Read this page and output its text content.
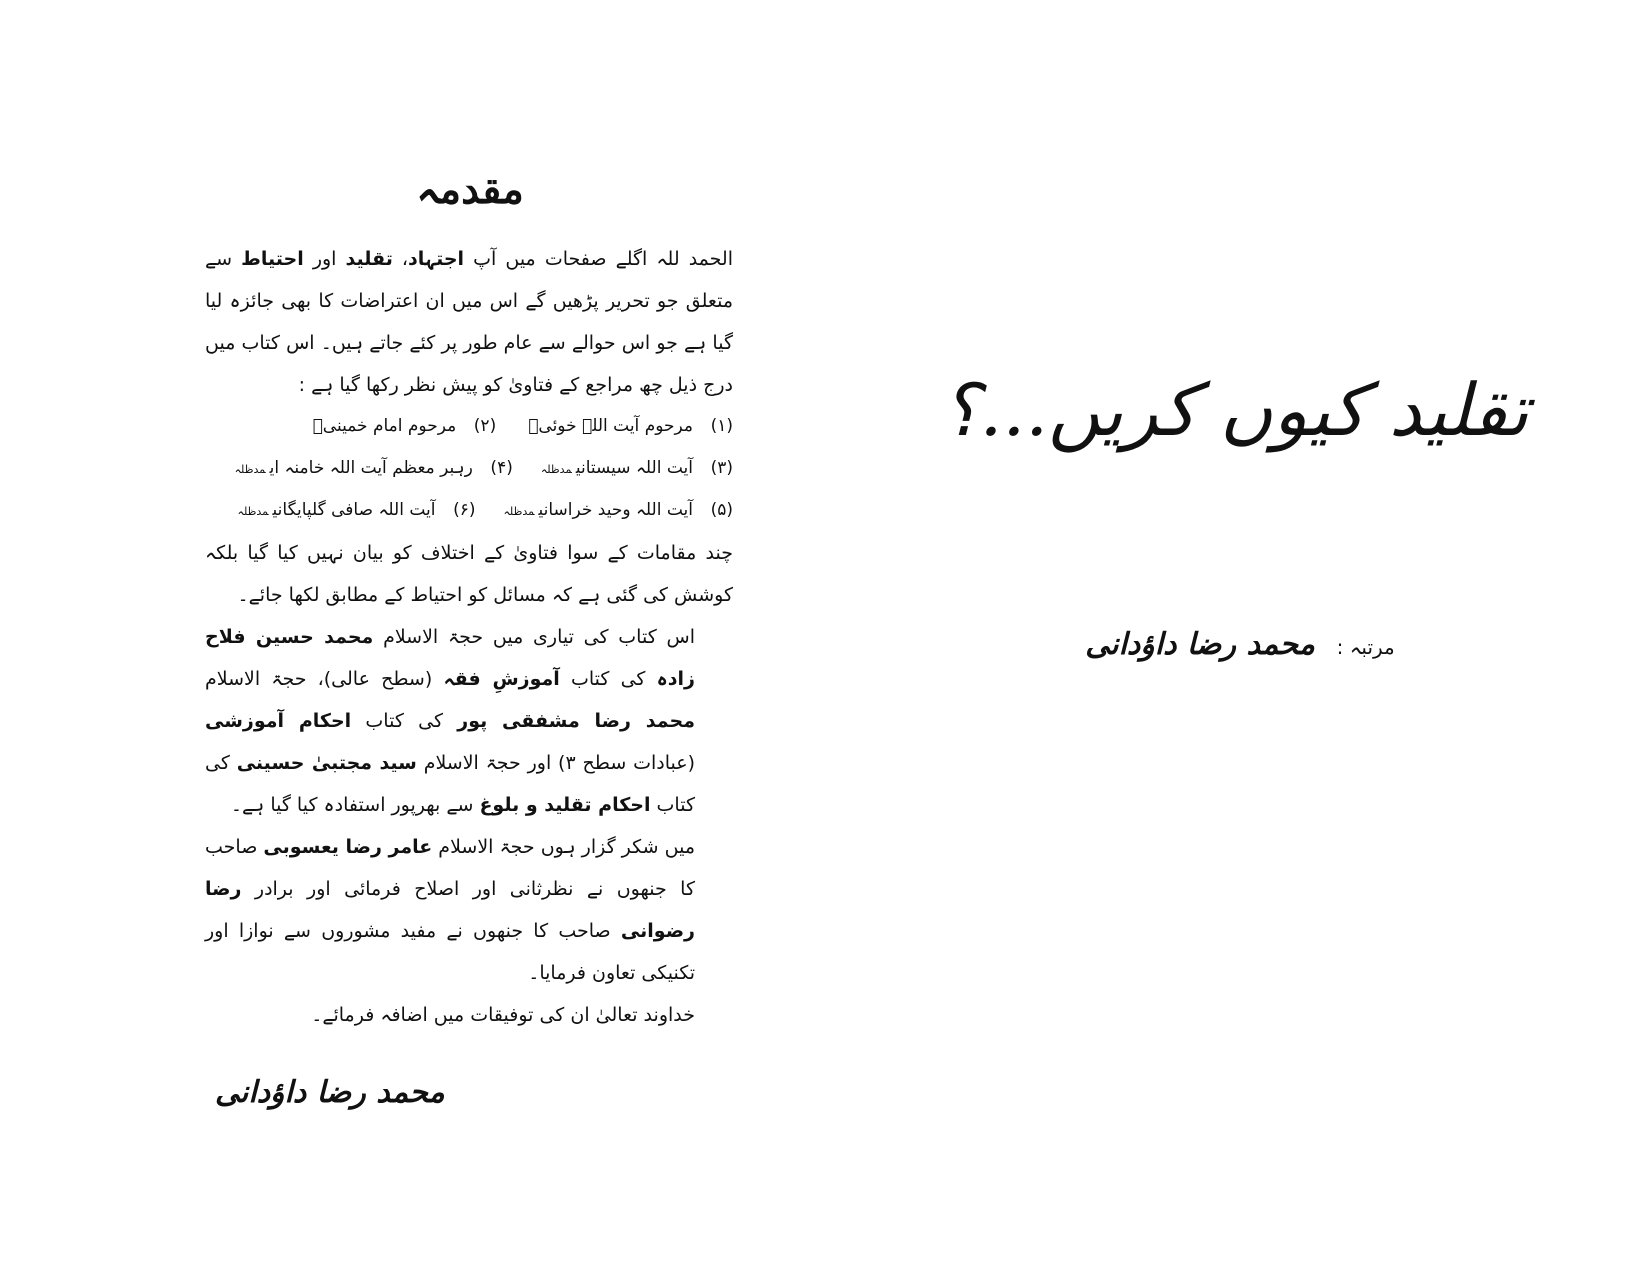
مقدمہ

الحمد للہ اگلے صفحات میں آپ اجتہاد، تقلید اور احتیاط سے متعلق جو تحریر پڑھیں گے اس میں ان اعتراضات کا بھی جائزہ لیا گیا ہے جو اس حوالے سے عام طور پر کئے جاتے ہیں۔ اس کتاب میں درج ذیل چھ مراجع کے فتاویٰ کو پیش نظر رکھا گیا ہے :

(۱)مرحوم آیت اللہ خوئیؒ
(۲)مرحوم امام خمینیؒ
(۳)آیت اللہ سیستانیمدظلہ
(۴)رہبر معظم آیت اللہ خامنہ ایمدظلہ
(۵)آیت اللہ وحید خراسانیمدظلہ
(۶)آیت اللہ صافی گلپایگانیمدظلہ

چند مقامات کے سوا فتاویٰ کے اختلاف کو بیان نہیں کیا گیا بلکہ کوشش کی گئی ہے کہ مسائل کو احتیاط کے مطابق لکھا جائے۔

اس کتاب کی تیاری میں حجۃ الاسلام محمد حسین فلاح زادہ کی کتاب آموزشِ فقہ (سطح عالی)، حجۃ الاسلام محمد رضا مشفقی پور کی کتاب احکام آموزشی (عبادات سطح ۳) اور حجۃ الاسلام سید مجتبیٰ حسینی کی کتاب احکام تقلید و بلوغ سے بھرپور استفادہ کیا گیا ہے۔

میں شکر گزار ہوں حجۃ الاسلام عامر رضا یعسوبی صاحب کا جنھوں نے نظرثانی اور اصلاح فرمائی اور برادر رضا رضوانی صاحب کا جنھوں نے مفید مشوروں سے نوازا اور تکنیکی تعاون فرمایا۔

خداوند تعالیٰ ان کی توفیقات میں اضافہ فرمائے۔

محمد رضا داؤدانی
تقلید کیوں کریں...؟
مرتبہ : محمد رضا داؤدانی
